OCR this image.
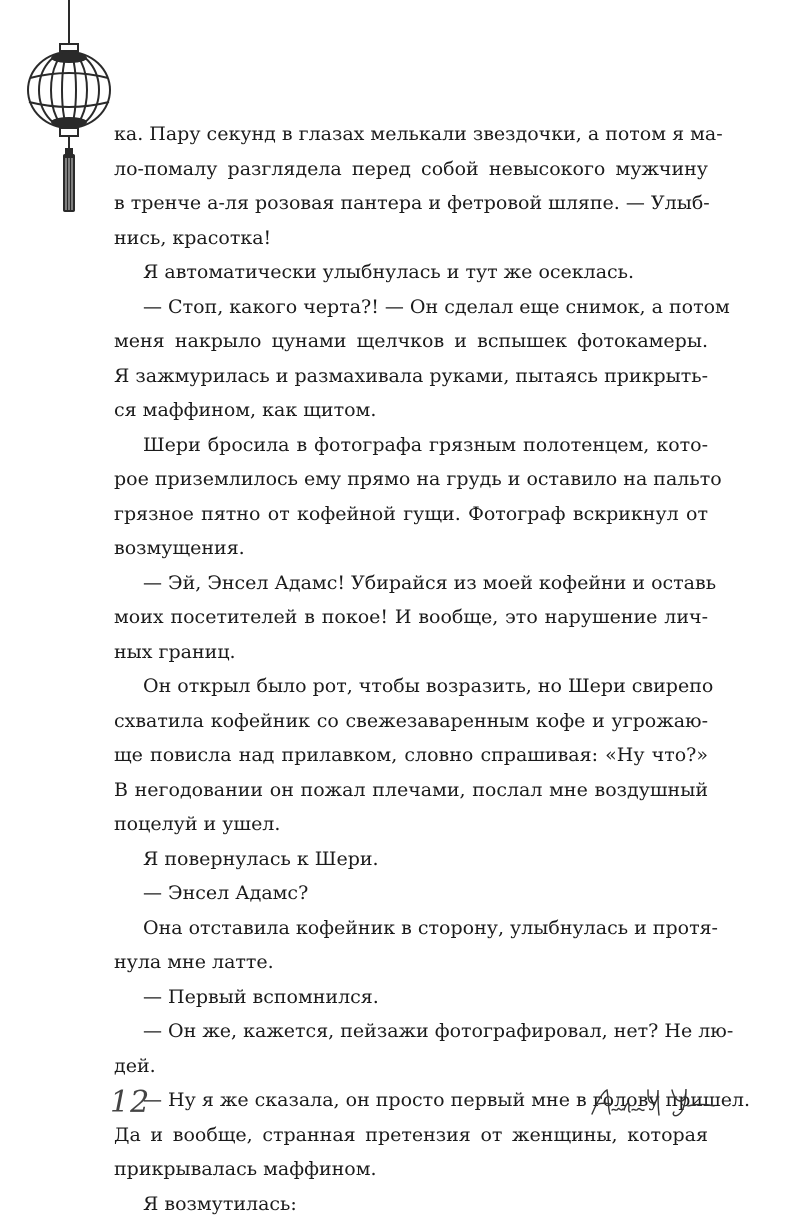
ка. Пару секунд в глазах мелькали звездочки, а потом я ма-
ло-помалу разглядела перед собой невысокого мужчину
в тренче а-ля розовая пантера и фетровой шляпе. — Улыб-
нись, красотка!
Я автоматически улыбнулась и тут же осеклась.
— Стоп, какого черта?! — Он сделал еще снимок, а потом
меня накрыло цунами щелчков и вспышек фотокамеры.
Я зажмурилась и размахивала руками, пытаясь прикрыть-
ся маффином, как щитом.
Шери бросила в фотографа грязным полотенцем, кото-
рое приземлилось ему прямо на грудь и оставило на пальто
грязное пятно от кофейной гущи. Фотограф вскрикнул от
возмущения.
— Эй, Энсел Адамс! Убирайся из моей кофейни и оставь
моих посетителей в покое! И вообще, это нарушение лич-
ных границ.
Он открыл было рот, чтобы возразить, но Шери свирепо
схватила кофейник со свежезаваренным кофе и угрожаю-
ще повисла над прилавком, словно спрашивая: «Ну что?»
В негодовании он пожал плечами, послал мне воздушный
поцелуй и ушел.
Я повернулась к Шери.
— Энсел Адамс?
Она отставила кофейник в сторону, улыбнулась и протя-
нула мне латте.
— Первый вспомнился.
— Он же, кажется, пейзажи фотографировал, нет? Не лю-
дей.
— Ну я же сказала, он просто первый мне в голову пришел.
Да и вообще, странная претензия от женщины, которая
прикрывалась маффином.
Я возмутилась:
12
